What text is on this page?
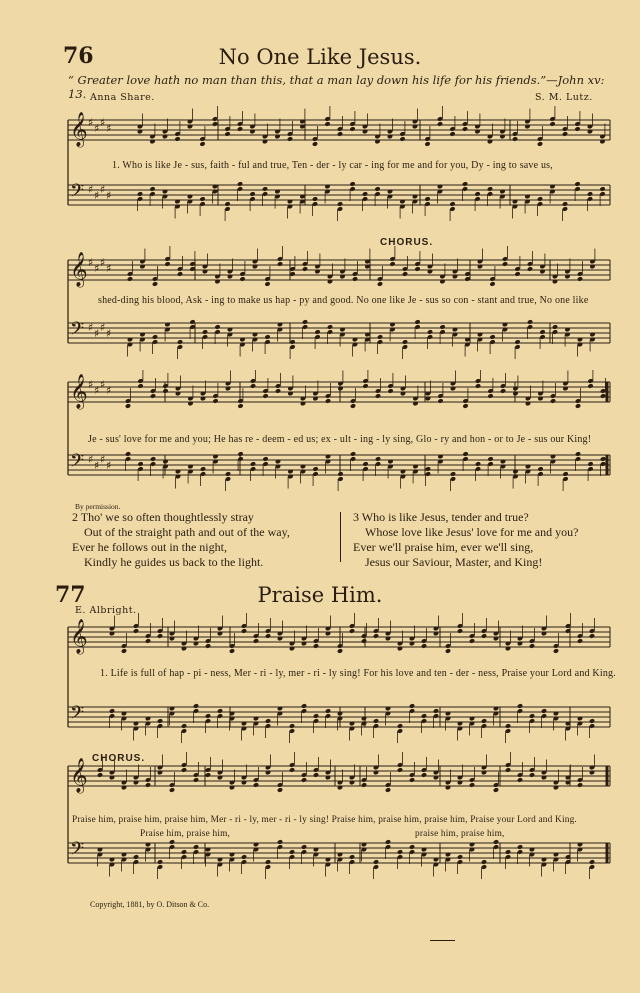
76	No One Like Jesus.
“ Greater love hath no man than this, that a man lay down his life for his friends.”—John xv: 13. Anna Share.	S. M. Lutz.
𝄞
𝄢
♯
♯
♯
♯
♯
♯
♯
♯
1. Who is like Je - sus, faith - ful and true, Ten - der - ly car - ing for me and for you, Dy - ing to save us,
𝄞
𝄢
♯
♯
♯
♯
♯
♯
♯
♯
CHORUS.
shed-ding his blood, Ask - ing to make us hap - py and good. No one like Je - sus so con - stant and true, No one like
𝄞
𝄢
♯
♯
♯
♯
♯
♯
♯
♯
Je - sus' love for me and you; He has re - deem - ed us; ex - ult - ing - ly sing, Glo - ry and hon - or to Je - sus our King!
By permission.
2 Tho' we so often thoughtlessly stray
Out of the straight path and out of the way,
Ever he follows out in the night,
Kindly he guides us back to the light.
3 Who is like Jesus, tender and true?
Whose love like Jesus' love for me and you?
Ever we'll praise him, ever we'll sing,
Jesus our Saviour, Master, and King!
77	Praise Him.
E. Albright.
𝄞
𝄢
1. Life is full of hap - pi - ness, Mer - ri - ly, mer - ri - ly sing! For his love and ten - der - ness, Praise your Lord and King.
𝄞
𝄢
CHORUS.
Praise him, praise him, praise him, Mer - ri - ly, mer - ri - ly sing! Praise him, praise him, praise him, Praise your Lord and King.
Praise him, praise him,	praise him, praise him,
Copyright, 1881, by O. Ditson & Co.
